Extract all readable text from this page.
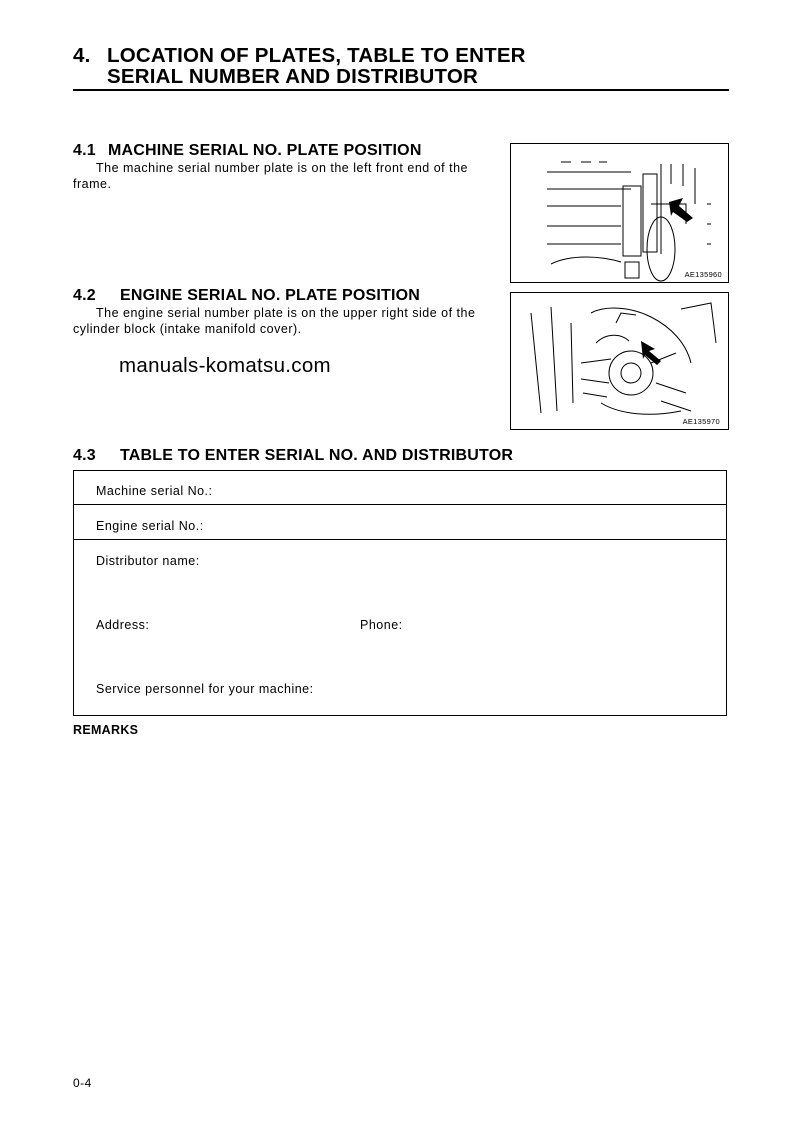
4. LOCATION OF PLATES, TABLE TO ENTER
SERIAL NUMBER AND DISTRIBUTOR
4.1 MACHINE SERIAL NO. PLATE POSITION
The machine serial number plate is on the left front end of the
frame.
AE135960
4.2 ENGINE SERIAL NO. PLATE POSITION
The engine serial number plate is on the upper right side of the
cylinder block (intake manifold cover).
AE135970
manuals-komatsu.com
4.3 TABLE TO ENTER SERIAL NO. AND DISTRIBUTOR
Machine serial No.:
Engine serial No.:
Distributor name:
Address:	Phone:
Service personnel for your machine:
REMARKS
0-4
